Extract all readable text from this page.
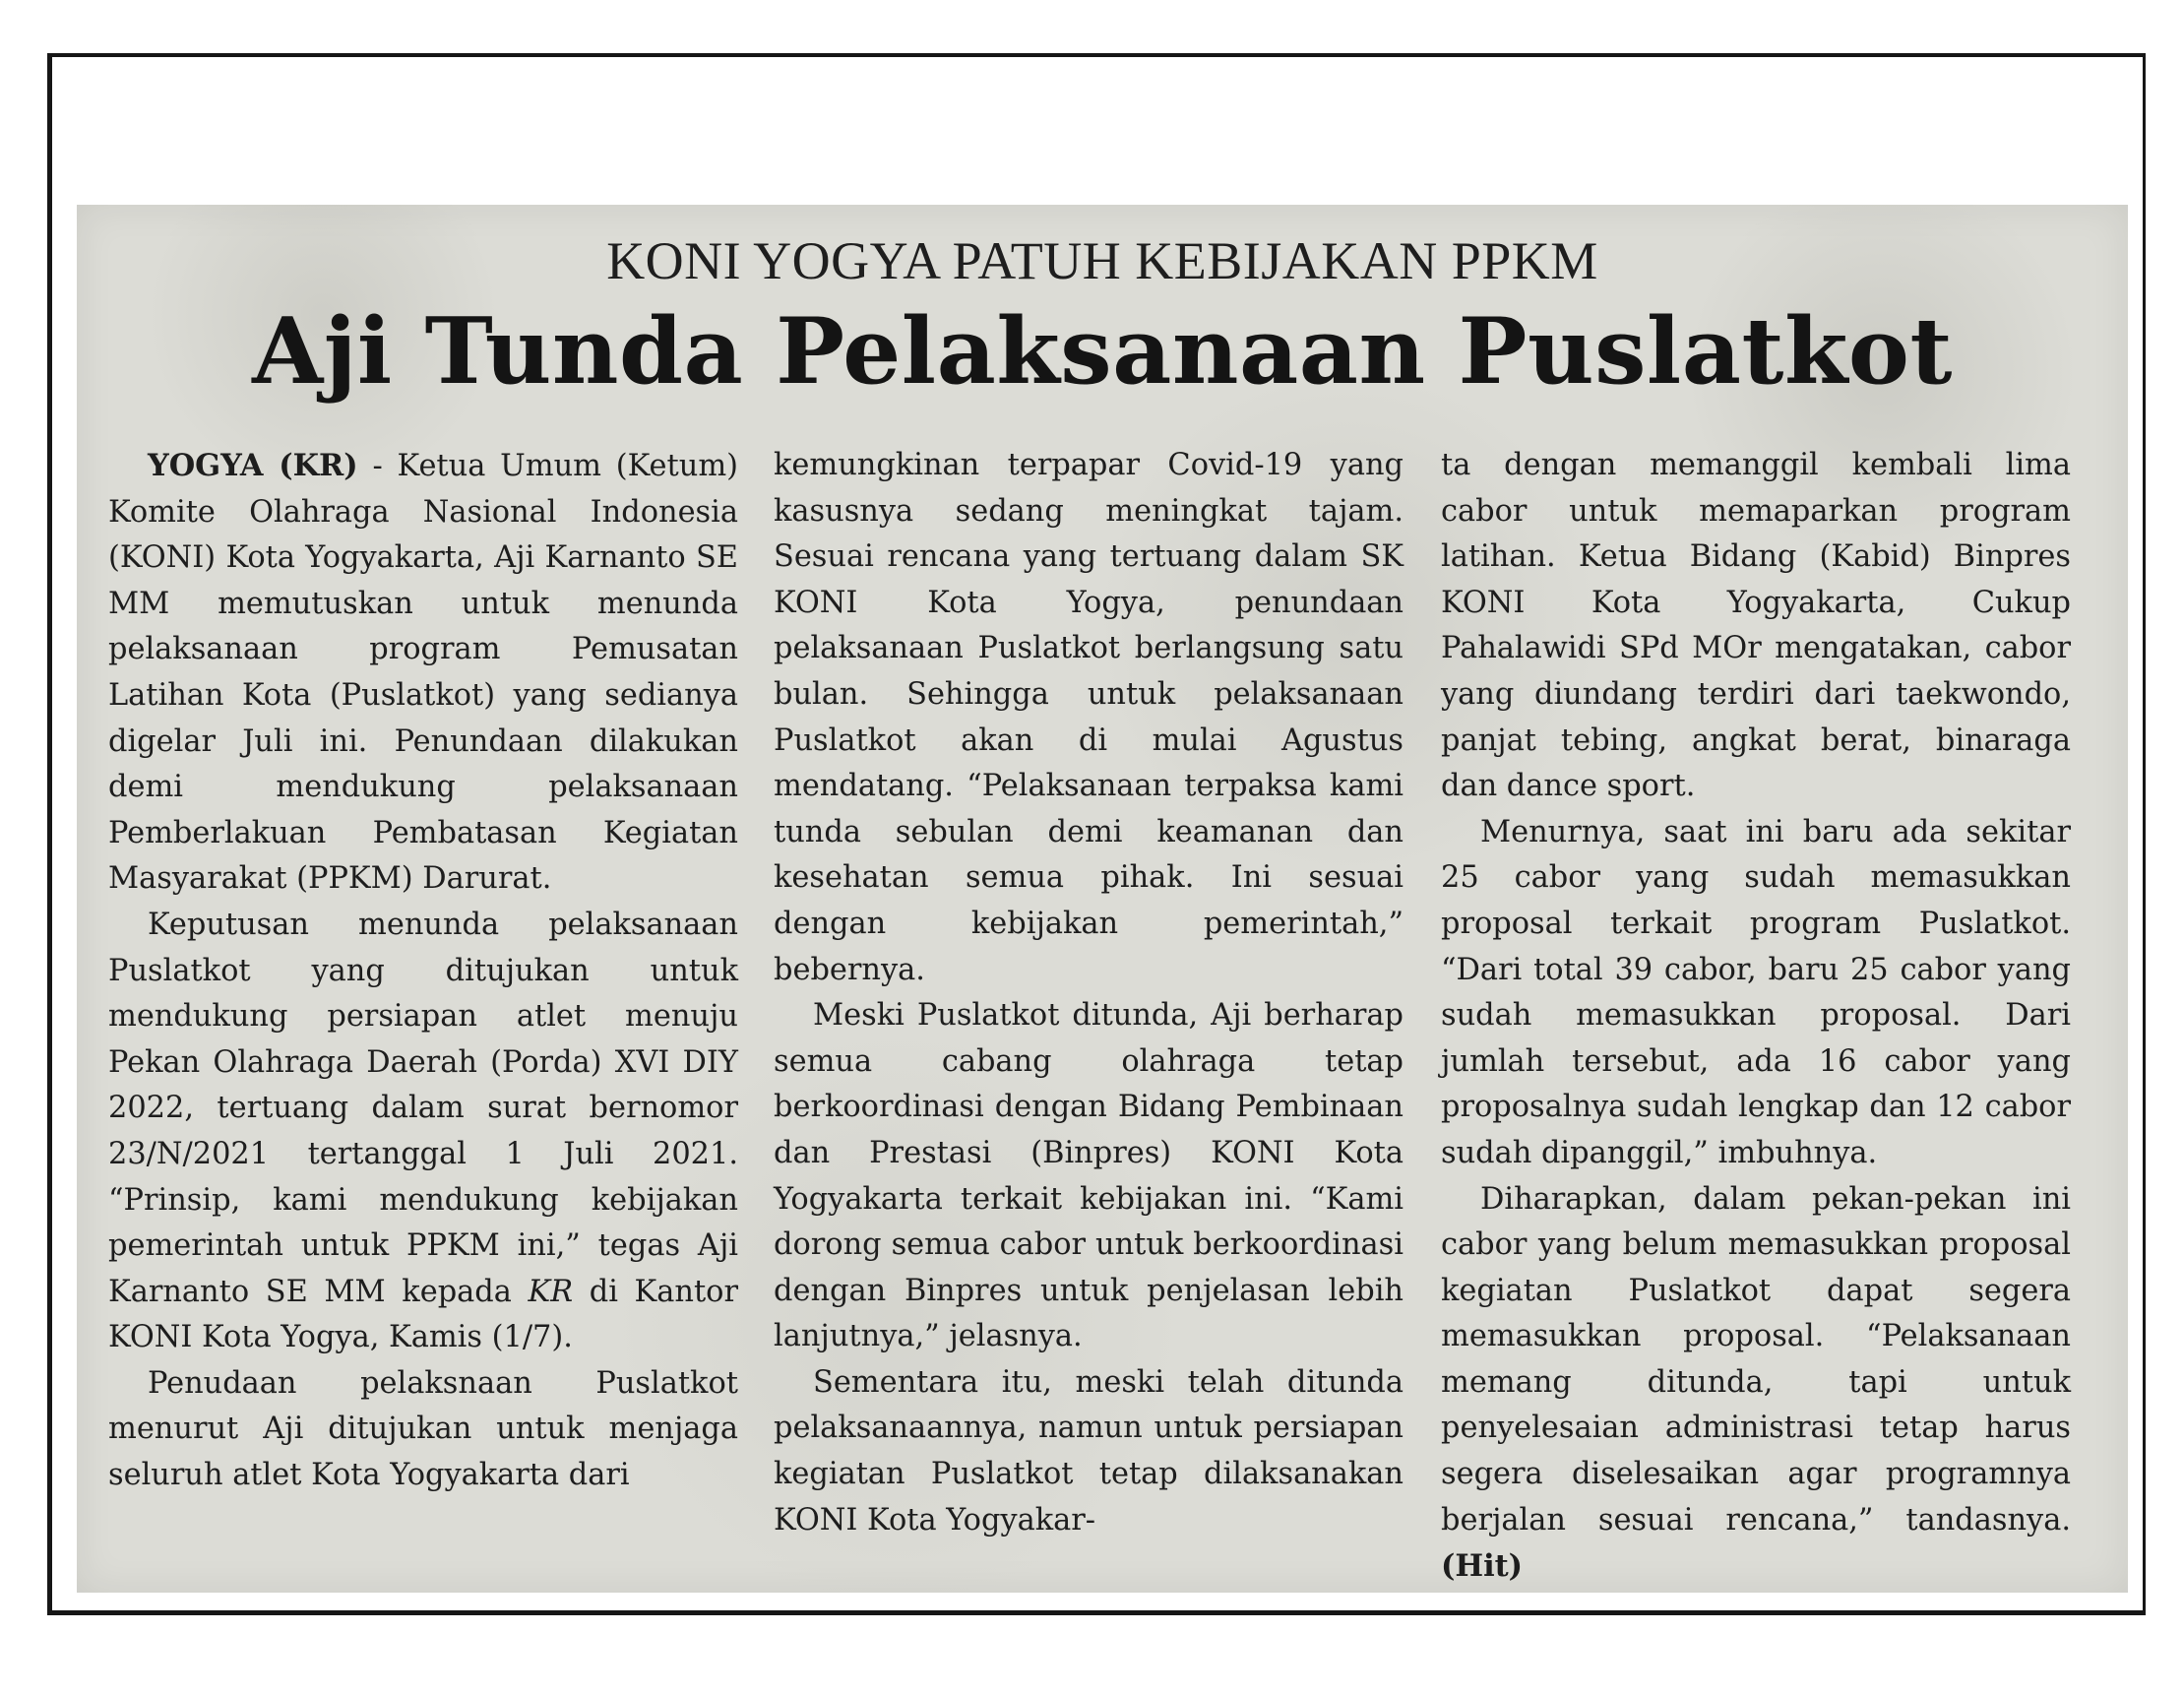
KONI YOGYA PATUH KEBIJAKAN PPKM
Aji Tunda Pelaksanaan Puslatkot

YOGYA (KR) - Ketua Umum (Ketum) Komite Olahraga Nasional Indonesia (KONI) Kota Yogyakarta, Aji Karnanto SE MM memutuskan untuk menunda pelaksanaan program Pemusatan Latihan Kota (Puslatkot) yang sedianya digelar Juli ini. Penundaan dilakukan demi mendukung pelaksanaan Pemberlakuan Pembatasan Kegiatan Masyarakat (PPKM) Darurat.

Keputusan menunda pelaksanaan Puslatkot yang ditujukan untuk mendukung persiapan atlet menuju Pekan Olahraga Daerah (Porda) XVI DIY 2022, tertuang dalam surat bernomor 23/N/2021 tertanggal 1 Juli 2021. “Prinsip, kami mendukung kebijakan pemerintah untuk PPKM ini,” tegas Aji Karnanto SE MM kepada KR di Kantor KONI Kota Yogya, Kamis (1/7).

Penudaan pelaksnaan Puslatkot menurut Aji ditujukan untuk menjaga seluruh atlet Kota Yogyakarta dari

kemungkinan terpapar Covid-19 yang kasusnya sedang meningkat tajam. Sesuai rencana yang tertuang dalam SK KONI Kota Yogya, penundaan pelaksanaan Puslatkot berlangsung satu bulan. Sehingga untuk pelaksanaan Puslatkot akan di mulai Agustus mendatang. “Pelaksanaan terpaksa kami tunda sebulan demi keamanan dan kesehatan semua pihak. Ini sesuai dengan kebijakan pemerintah,” bebernya.

Meski Puslatkot ditunda, Aji berharap semua cabang olahraga tetap berkoordinasi dengan Bidang Pembinaan dan Prestasi (Binpres) KONI Kota Yogyakarta terkait kebijakan ini. “Kami dorong semua cabor untuk berkoordinasi dengan Binpres untuk penjelasan lebih lanjutnya,” jelasnya.

Sementara itu, meski telah ditunda pelaksanaannya, namun untuk persiapan kegiatan Puslatkot tetap dilaksanakan KONI Kota Yogyakar-

ta dengan memanggil kembali lima cabor untuk memaparkan program latihan. Ketua Bidang (Kabid) Binpres KONI Kota Yogyakarta, Cukup Pahalawidi SPd MOr mengatakan, cabor yang diundang terdiri dari taekwondo, panjat tebing, angkat berat, binaraga dan dance sport.

Menurnya, saat ini baru ada sekitar 25 cabor yang sudah memasukkan proposal terkait program Puslatkot. “Dari total 39 cabor, baru 25 cabor yang sudah memasukkan proposal. Dari jumlah tersebut, ada 16 cabor yang proposalnya sudah lengkap dan 12 cabor sudah dipanggil,” imbuhnya.

Diharapkan, dalam pekan-pekan ini cabor yang belum memasukkan proposal kegiatan Puslatkot dapat segera memasukkan proposal. “Pelaksanaan memang ditunda, tapi untuk penyelesaian administrasi tetap harus segera diselesaikan agar programnya berjalan sesuai rencana,” tandasnya.(Hit)
